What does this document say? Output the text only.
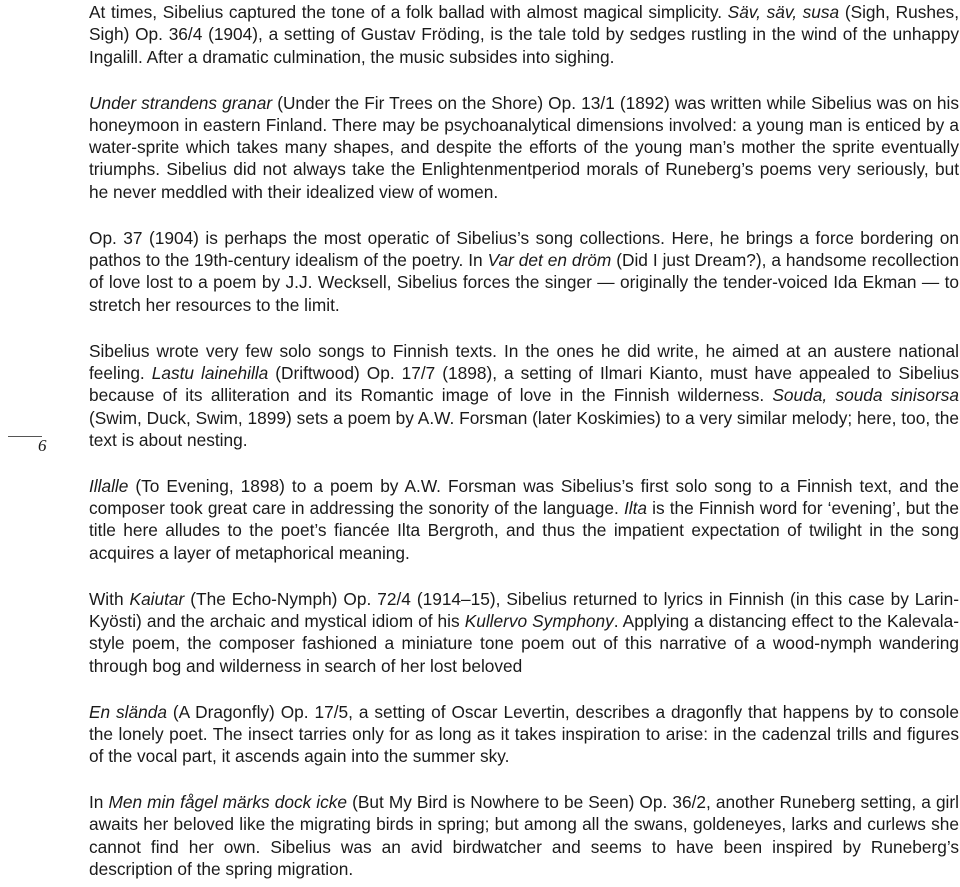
6

At times, Sibelius captured the tone of a folk ballad with almost magical simplicity. Säv, säv, susa (Sigh, Rushes, Sigh) Op. 36/4 (1904), a setting of Gustav Fröding, is the tale told by sedges rustling in the wind of the unhappy Ingalill. After a dramatic culmination, the music subsides into sighing.

Under strandens granar (Under the Fir Trees on the Shore) Op. 13/1 (1892) was written while Sibelius was on his honeymoon in eastern Finland. There may be psychoanalytical dimensions involved: a young man is enticed by a water-sprite which takes many shapes, and despite the efforts of the young man’s mother the sprite eventually triumphs. Sibelius did not always take the Enlightenmentperiod morals of Runeberg’s poems very seriously, but he never meddled with their idealized view of women.

Op. 37 (1904) is perhaps the most operatic of Sibelius’s song collections. Here, he brings a force bordering on pathos to the 19th-century idealism of the poetry. In Var det en dröm (Did I just Dream?), a handsome recollection of love lost to a poem by J.J. Wecksell, Sibelius forces the singer — originally the tender-voiced Ida Ekman — to stretch her resources to the limit.

Sibelius wrote very few solo songs to Finnish texts. In the ones he did write, he aimed at an austere national feeling. Lastu lainehilla (Driftwood) Op. 17/7 (1898), a setting of Ilmari Kianto, must have appealed to Sibelius because of its alliteration and its Romantic image of love in the Finnish wilderness. Souda, souda sinisorsa (Swim, Duck, Swim, 1899) sets a poem by A.W. Forsman (later Koskimies) to a very similar melody; here, too, the text is about nesting.

Illalle (To Evening, 1898) to a poem by A.W. Forsman was Sibelius’s first solo song to a Finnish text, and the composer took great care in addressing the sonority of the language. Ilta is the Finnish word for ‘evening’, but the title here alludes to the poet’s fiancée Ilta Bergroth, and thus the impatient expectation of twilight in the song acquires a layer of metaphorical meaning.

With Kaiutar (The Echo-Nymph) Op. 72/4 (1914–15), Sibelius returned to lyrics in Finnish (in this case by Larin-Kyösti) and the archaic and mystical idiom of his Kullervo Symphony. Applying a distancing effect to the Kalevala-style poem, the composer fashioned a miniature tone poem out of this narrative of a wood-nymph wandering through bog and wilderness in search of her lost beloved

En slända (A Dragonfly) Op. 17/5, a setting of Oscar Levertin, describes a dragonfly that happens by to console the lonely poet. The insect tarries only for as long as it takes inspiration to arise: in the cadenzal trills and figures of the vocal part, it ascends again into the summer sky.

In Men min fågel märks dock icke (But My Bird is Nowhere to be Seen) Op. 36/2, another Runeberg setting, a girl awaits her beloved like the migrating birds in spring; but among all the swans, goldeneyes, larks and curlews she cannot find her own. Sibelius was an avid birdwatcher and seems to have been inspired by Runeberg’s description of the spring migration.
